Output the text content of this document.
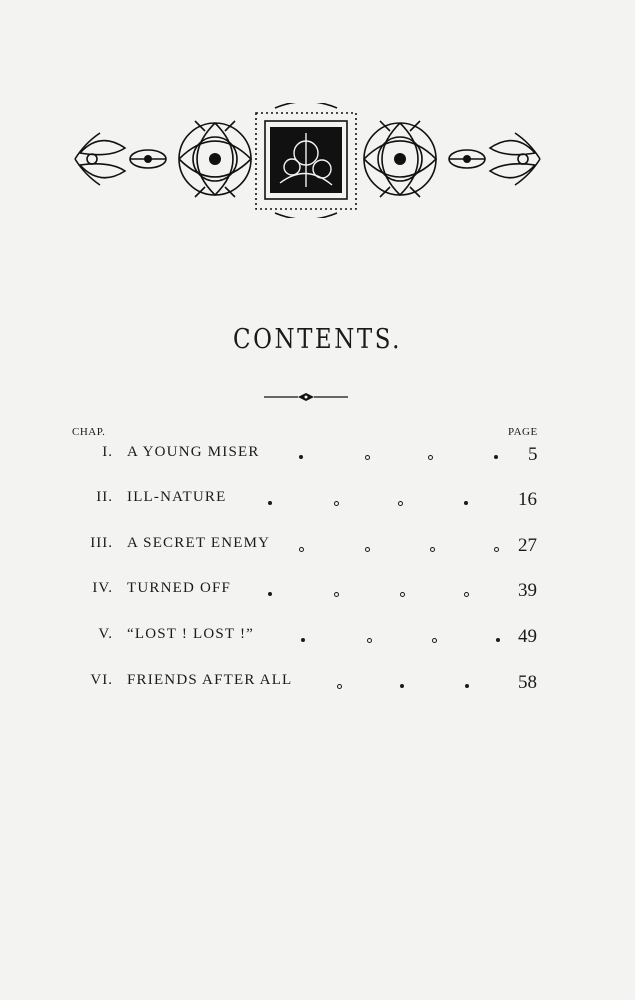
CONTENTS.
CHAP.	PAGE
I. A YOUNG MISER	5
II. ILL-NATURE	16
III. A SECRET ENEMY	27
IV. TURNED OFF	39
V. “LOST ! LOST !”	49
VI. FRIENDS AFTER ALL	58
